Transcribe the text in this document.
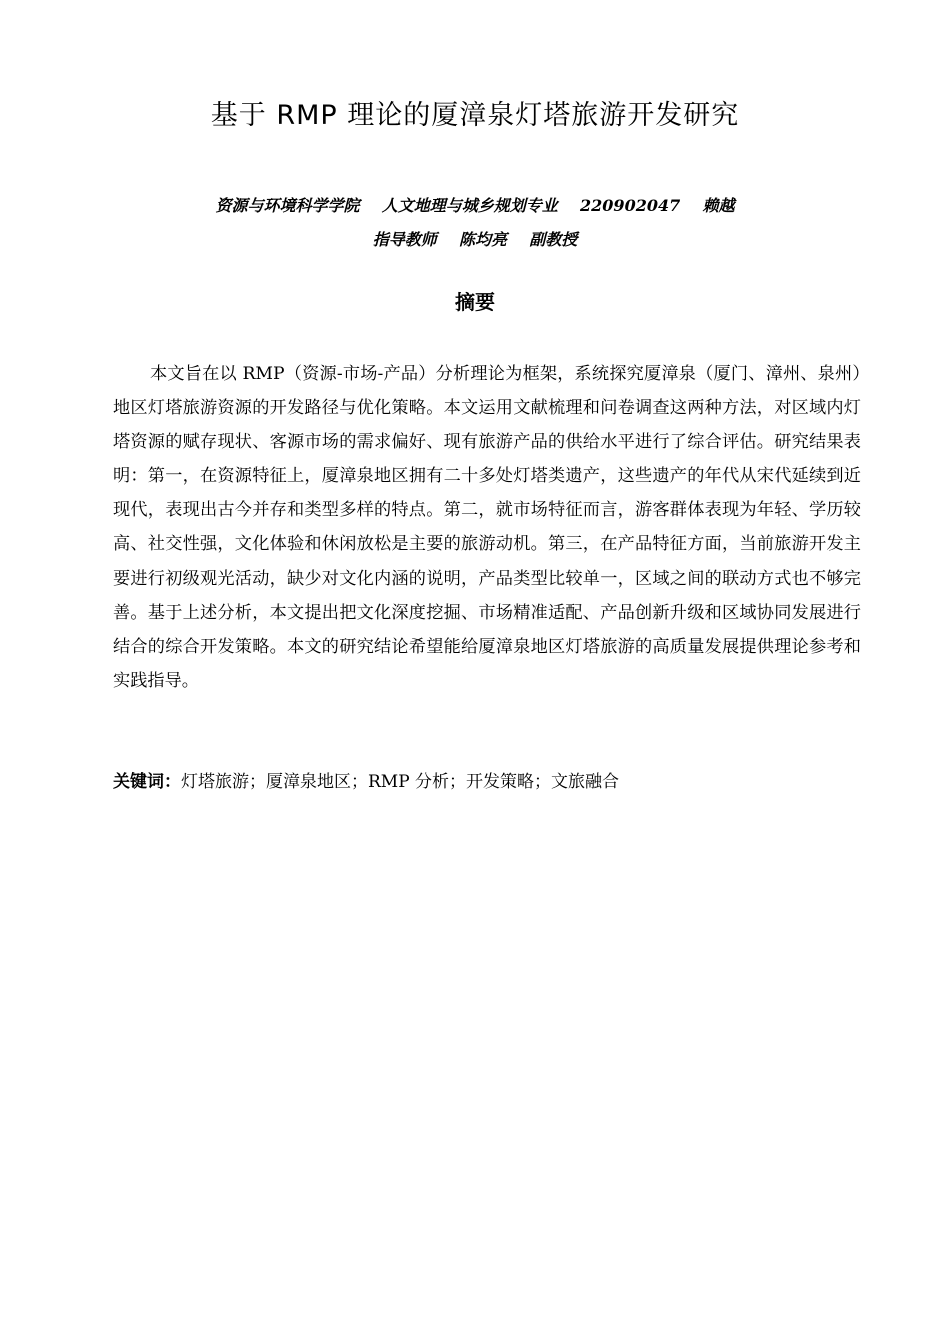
基于 RMP 理论的厦漳泉灯塔旅游开发研究
资源与环境科学学院    人文地理与城乡规划专业    220902047    赖越
指导教师    陈均亮    副教授
摘要

本文旨在以 RMP（资源-市场-产品）分析理论为框架，系统探究厦漳泉（厦门、漳州、泉州）地区灯塔旅游资源的开发路径与优化策略。本文运用文献梳理和问卷调查这两种方法，对区域内灯塔资源的赋存现状、客源市场的需求偏好、现有旅游产品的供给水平进行了综合评估。研究结果表明：第一，在资源特征上，厦漳泉地区拥有二十多处灯塔类遗产，这些遗产的年代从宋代延续到近现代，表现出古今并存和类型多样的特点。第二，就市场特征而言，游客群体表现为年轻、学历较高、社交性强，文化体验和休闲放松是主要的旅游动机。第三，在产品特征方面，当前旅游开发主要进行初级观光活动，缺少对文化内涵的说明，产品类型比较单一，区域之间的联动方式也不够完善。基于上述分析，本文提出把文化深度挖掘、市场精准适配、产品创新升级和区域协同发展进行结合的综合开发策略。本文的研究结论希望能给厦漳泉地区灯塔旅游的高质量发展提供理论参考和实践指导。

关键词：灯塔旅游；厦漳泉地区；RMP 分析；开发策略；文旅融合
